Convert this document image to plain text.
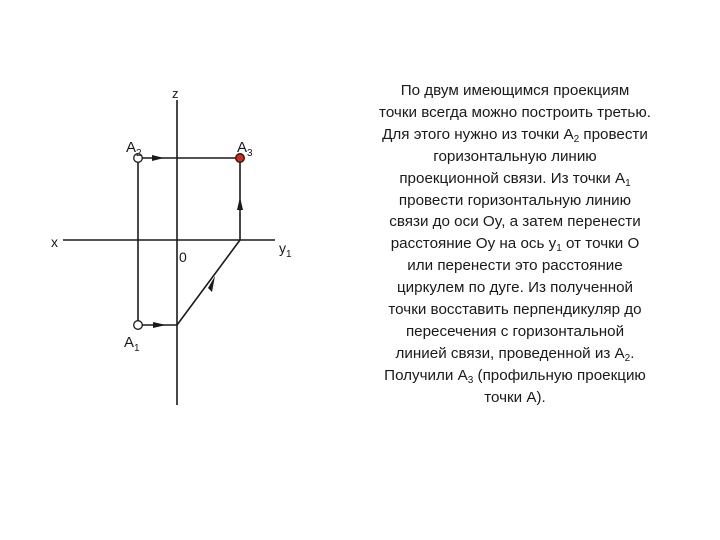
z
x
0
$y_1$
$A_2$	$A_3$
$A_1$
По двум имеющимся проекциям
точки всегда можно построить третью.
Для этого нужно из точки $А_2$ провести
горизонтальную линию
проекционной связи. Из точки $А_1$
провести горизонтальную линию
связи до оси Оy, а затем перенести
расстояние Оy на ось $y_1$ от точки О
или перенести это расстояние
циркулем по дуге. Из полученной
точки восставить перпендикуляр до
пересечения с горизонтальной
линией связи, проведенной из $А_2$.
Получили $А_3$ (профильную проекцию
точки А).
